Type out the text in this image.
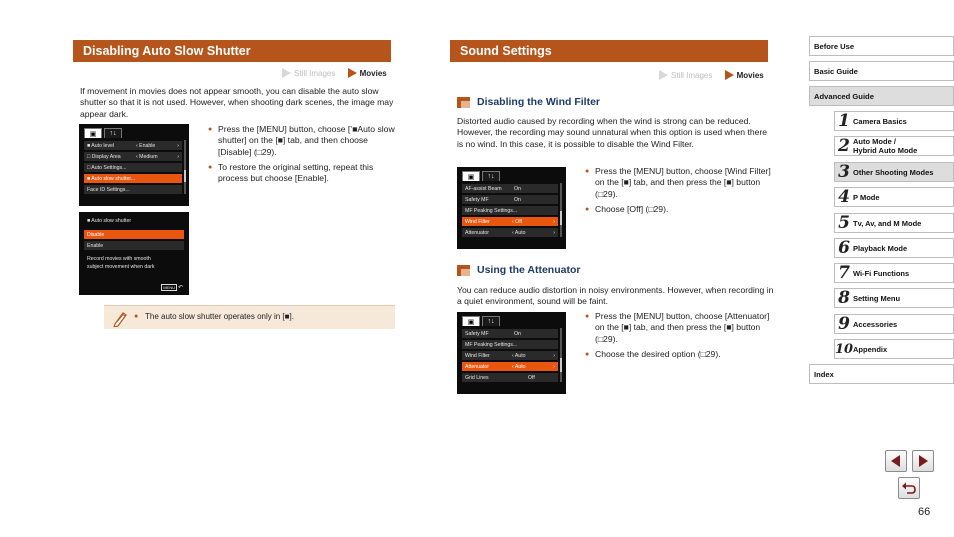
Disabling Auto Slow Shutter
Still Images	Movies
If movement in movies does not appear smooth, you can disable the auto slow shutter so that it is not used. However, when shooting dark scenes, the image may appear dark.
▣	↑↓
■ Auto level	‹ Enable	›
□ Display Area	‹ Medium	›
□ Auto Settings...
■ Auto slow shutter...
Face ID Settings...
● Press the [MENU] button, choose [’■Auto slow shutter] on the [■] tab, and then choose [Disable] (□29).
● To restore the original setting, repeat this process but choose [Enable].
■ Auto slow shutter
Disable
Enable
Record movies with smooth
subject movement when dark
MENU ↶
● The auto slow shutter operates only in [■].
Sound Settings
Still Images	Movies
Disabling the Wind Filter
Distorted audio caused by recording when the wind is strong can be reduced. However, the recording may sound unnatural when this option is used when there is no wind. In this case, it is possible to disable the Wind Filter.
▣	↑↓
AF-assist Beam On
Safety MF	On
MF Peaking Settings...
Wind Filter	‹ Off	›
Attenuator	‹ Auto	›
● Press the [MENU] button, choose [Wind Filter] on the [■] tab, and then press the [■] button (□29).
● Choose [Off] (□29).
Using the Attenuator
You can reduce audio distortion in noisy environments. However, when recording in a quiet environment, sound will be faint.
▣	↑↓
Safety MF	On
MF Peaking Settings...
Wind Filter	‹ Auto	›
Attenuator	‹ Auto	›
Grid Lines	Off
● Press the [MENU] button, choose [Attenuator] on the [■] tab, and then press the [■] button (□29).
● Choose the desired option (□29).
Before Use
Basic Guide
Advanced Guide
1 Camera Basics
2 Auto Mode /
Hybrid Auto Mode
3 Other Shooting Modes
4 P Mode
5 Tv, Av, and M Mode
6 Playback Mode
7 Wi-Fi Functions
8 Setting Menu
9 Accessories
10 Appendix
Index
66
